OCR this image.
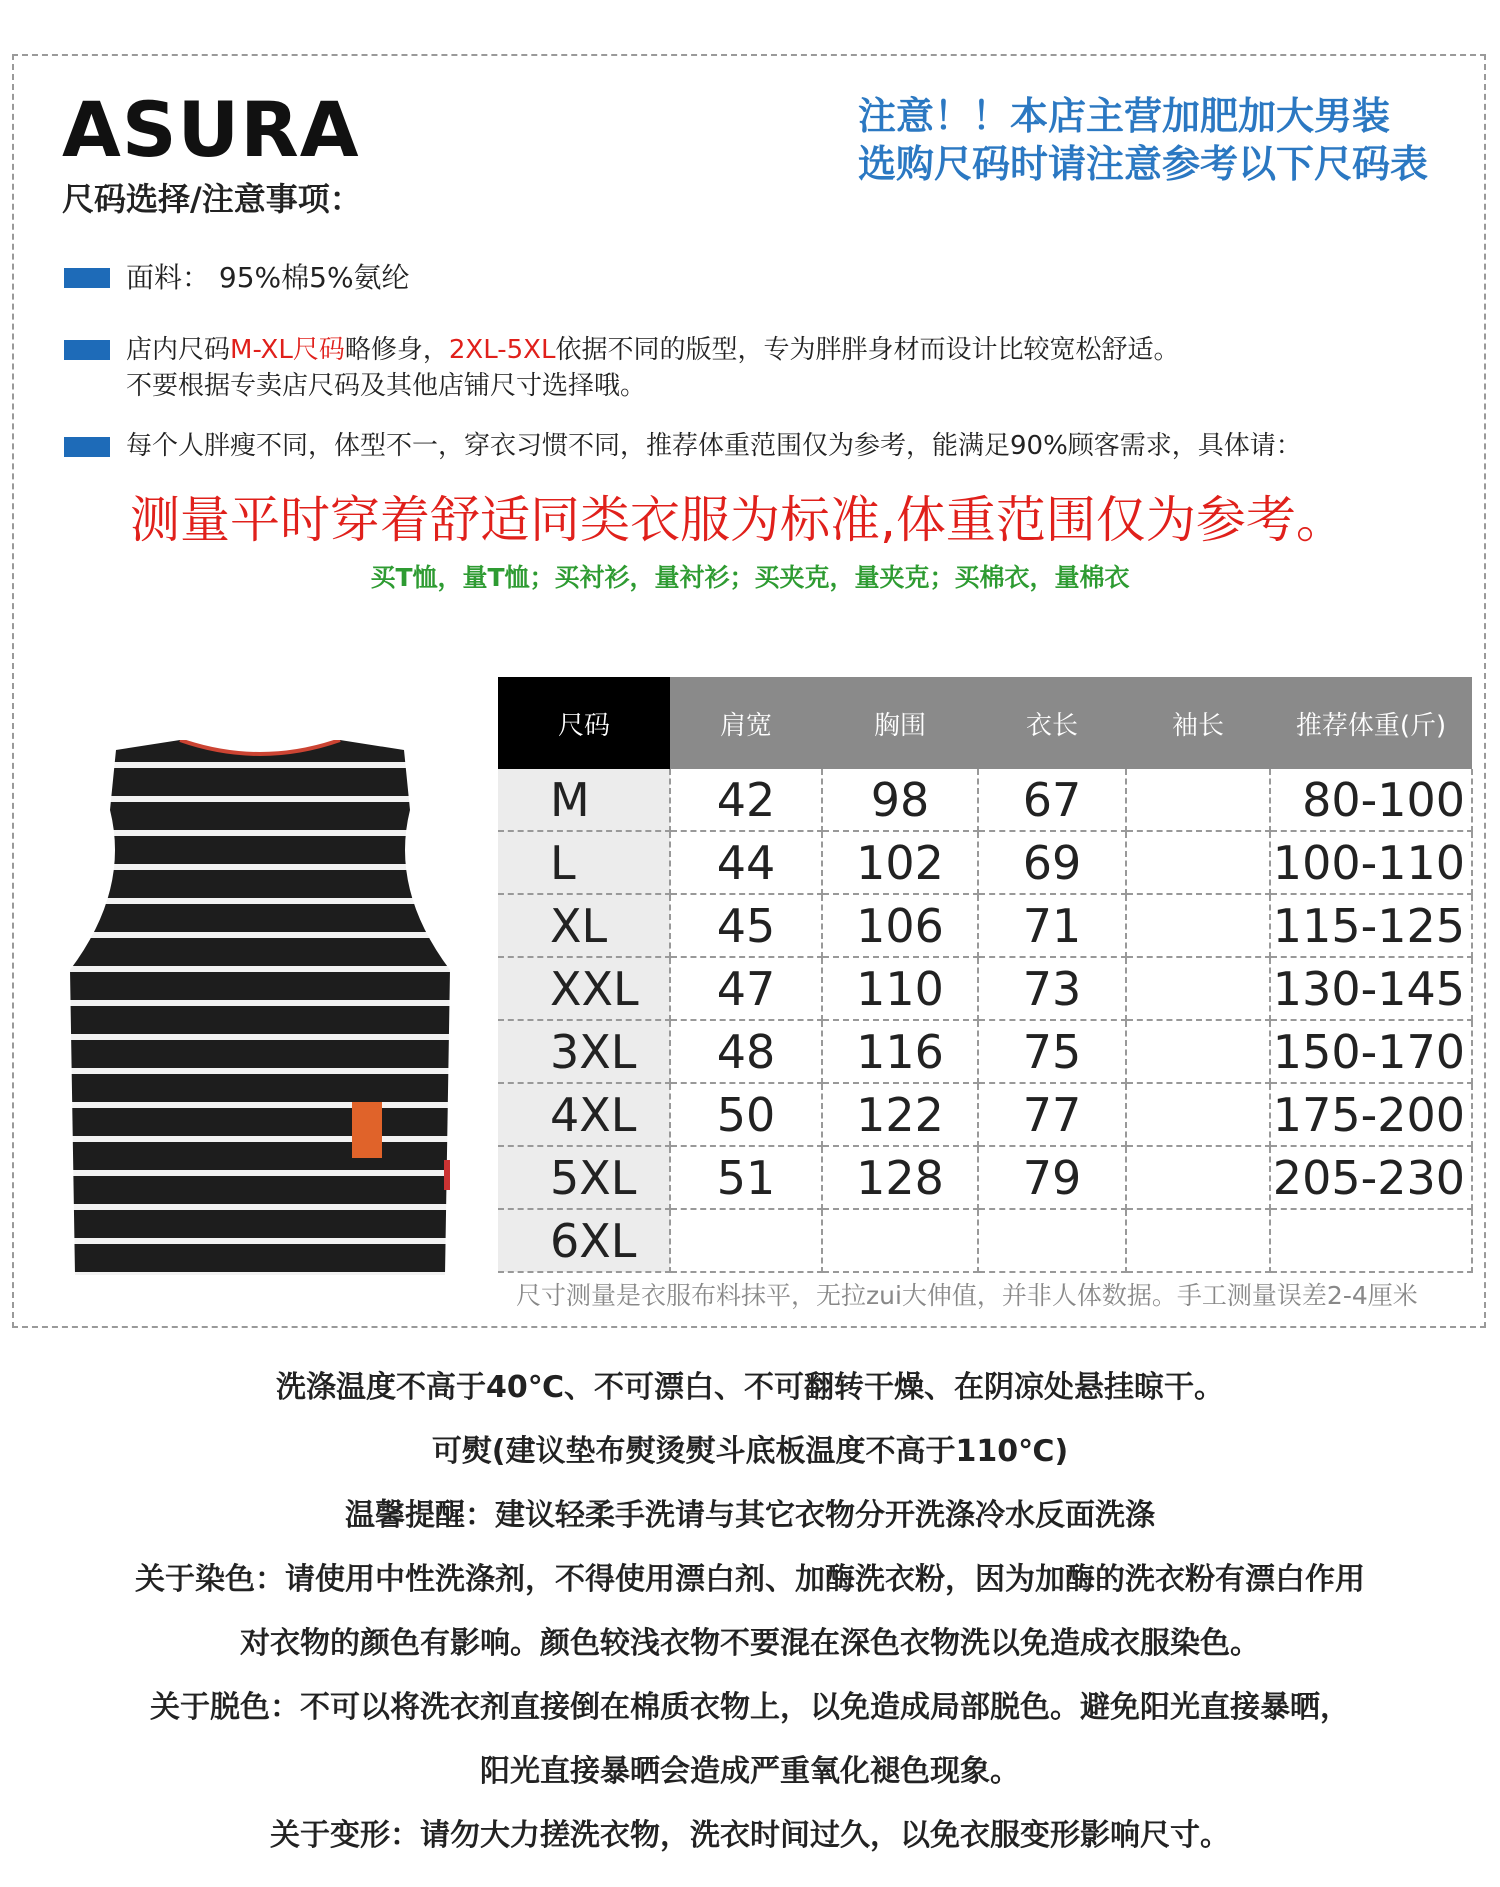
ASURA
尺码选择/注意事项：
注意！！本店主营加肥加大男装
选购尺码时请注意参考以下尺码表
面料： 95%棉5%氨纶
店内尺码M-XL尺码略修身，2XL-5XL依据不同的版型，专为胖胖身材而设计比较宽松舒适。
不要根据专卖店尺码及其他店铺尺寸选择哦。
每个人胖瘦不同，体型不一，穿衣习惯不同，推荐体重范围仅为参考，能满足90%顾客需求，具体请：
测量平时穿着舒适同类衣服为标准,体重范围仅为参考。
买T恤，量T恤；买衬衫，量衬衫；买夹克，量夹克；买棉衣，量棉衣
尺码	肩宽	胸围	衣长	袖长	推荐体重(斤)
M	42	98	67		80-100
L	44	102	69		100-110
XL	45	106	71		115-125
XXL	47	110	73		130-145
3XL	48	116	75		150-170
4XL	50	122	77		175-200
5XL	51	128	79		205-230
6XL					
尺寸测量是衣服布料抹平，无拉zui大伸值，并非人体数据。手工测量误差2-4厘米
洗涤温度不高于40℃、不可漂白、不可翻转干燥、在阴凉处悬挂晾干。
可熨(建议垫布熨烫熨斗底板温度不高于110℃)
温馨提醒：建议轻柔手洗请与其它衣物分开洗涤冷水反面洗涤
关于染色：请使用中性洗涤剂，不得使用漂白剂、加酶洗衣粉，因为加酶的洗衣粉有漂白作用
对衣物的颜色有影响。颜色较浅衣物不要混在深色衣物洗以免造成衣服染色。
关于脱色：不可以将洗衣剂直接倒在棉质衣物上，以免造成局部脱色。避免阳光直接暴晒，
阳光直接暴晒会造成严重氧化褪色现象。
关于变形：请勿大力搓洗衣物，洗衣时间过久，以免衣服变形影响尺寸。
